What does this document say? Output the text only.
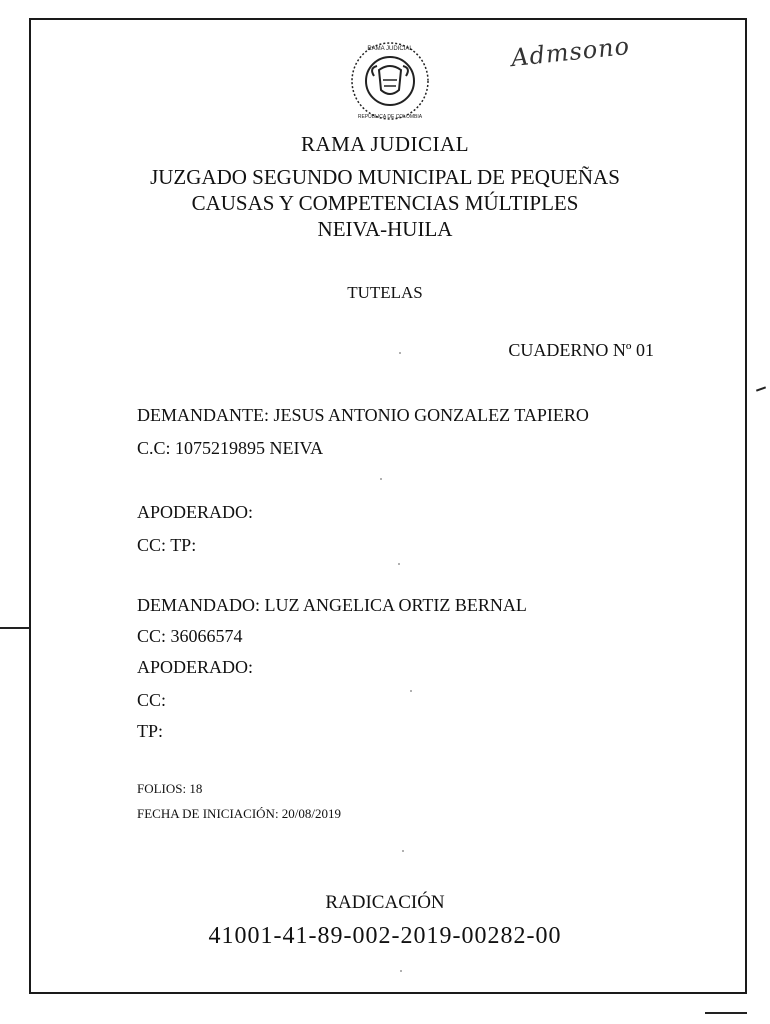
RAMA JUDICIAL
REPUBLICA DE COLOMBIA
Admsono
RAMA JUDICIAL
JUZGADO SEGUNDO MUNICIPAL DE PEQUEÑAS
CAUSAS Y COMPETENCIAS MÚLTIPLES
NEIVA-HUILA
TUTELAS
CUADERNO Nº 01
DEMANDANTE: JESUS ANTONIO GONZALEZ TAPIERO
C.C: 1075219895 NEIVA
APODERADO:
CC: TP:
DEMANDADO: LUZ ANGELICA ORTIZ BERNAL
CC: 36066574
APODERADO:
CC:
TP:
FOLIOS: 18
FECHA DE INICIACIÓN: 20/08/2019
RADICACIÓN
41001-41-89-002-2019-00282-00
